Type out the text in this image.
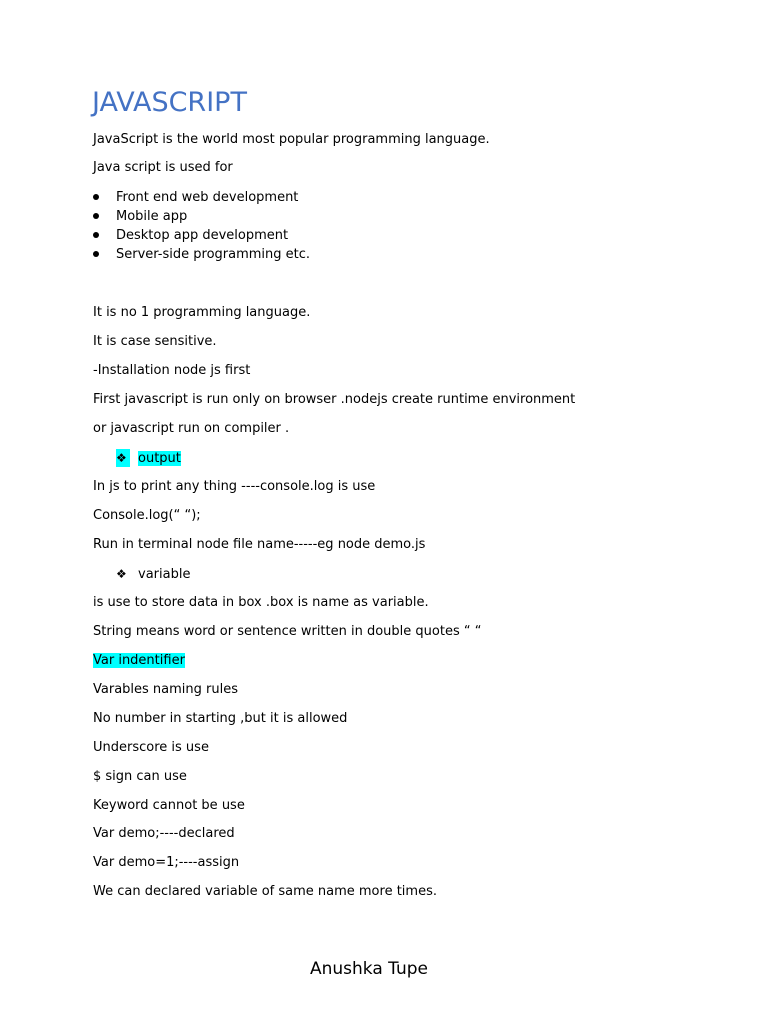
JAVASCRIPT
JavaScript is the world most popular programming language.
Java script is used for
Front end web development
Mobile app
Desktop app development
Server-side programming etc.
It is no 1 programming language.
It is case sensitive.
-Installation node js first
First javascript is run only on browser .nodejs create runtime environment
or javascript run on compiler .
❖ output
In js to print any thing ----console.log is use
Console.log(“ “);
Run in terminal node file name-----eg node demo.js
❖ variable
is use to store data in box .box is name as variable.
String means word or sentence written in double quotes “ “
Var indentifier
Varables naming rules
No number in starting ,but it is allowed
Underscore is use
$ sign can use
Keyword cannot be use
Var demo;----declared
Var demo=1;----assign
We can declared variable of same name more times.
Anushka Tupe
